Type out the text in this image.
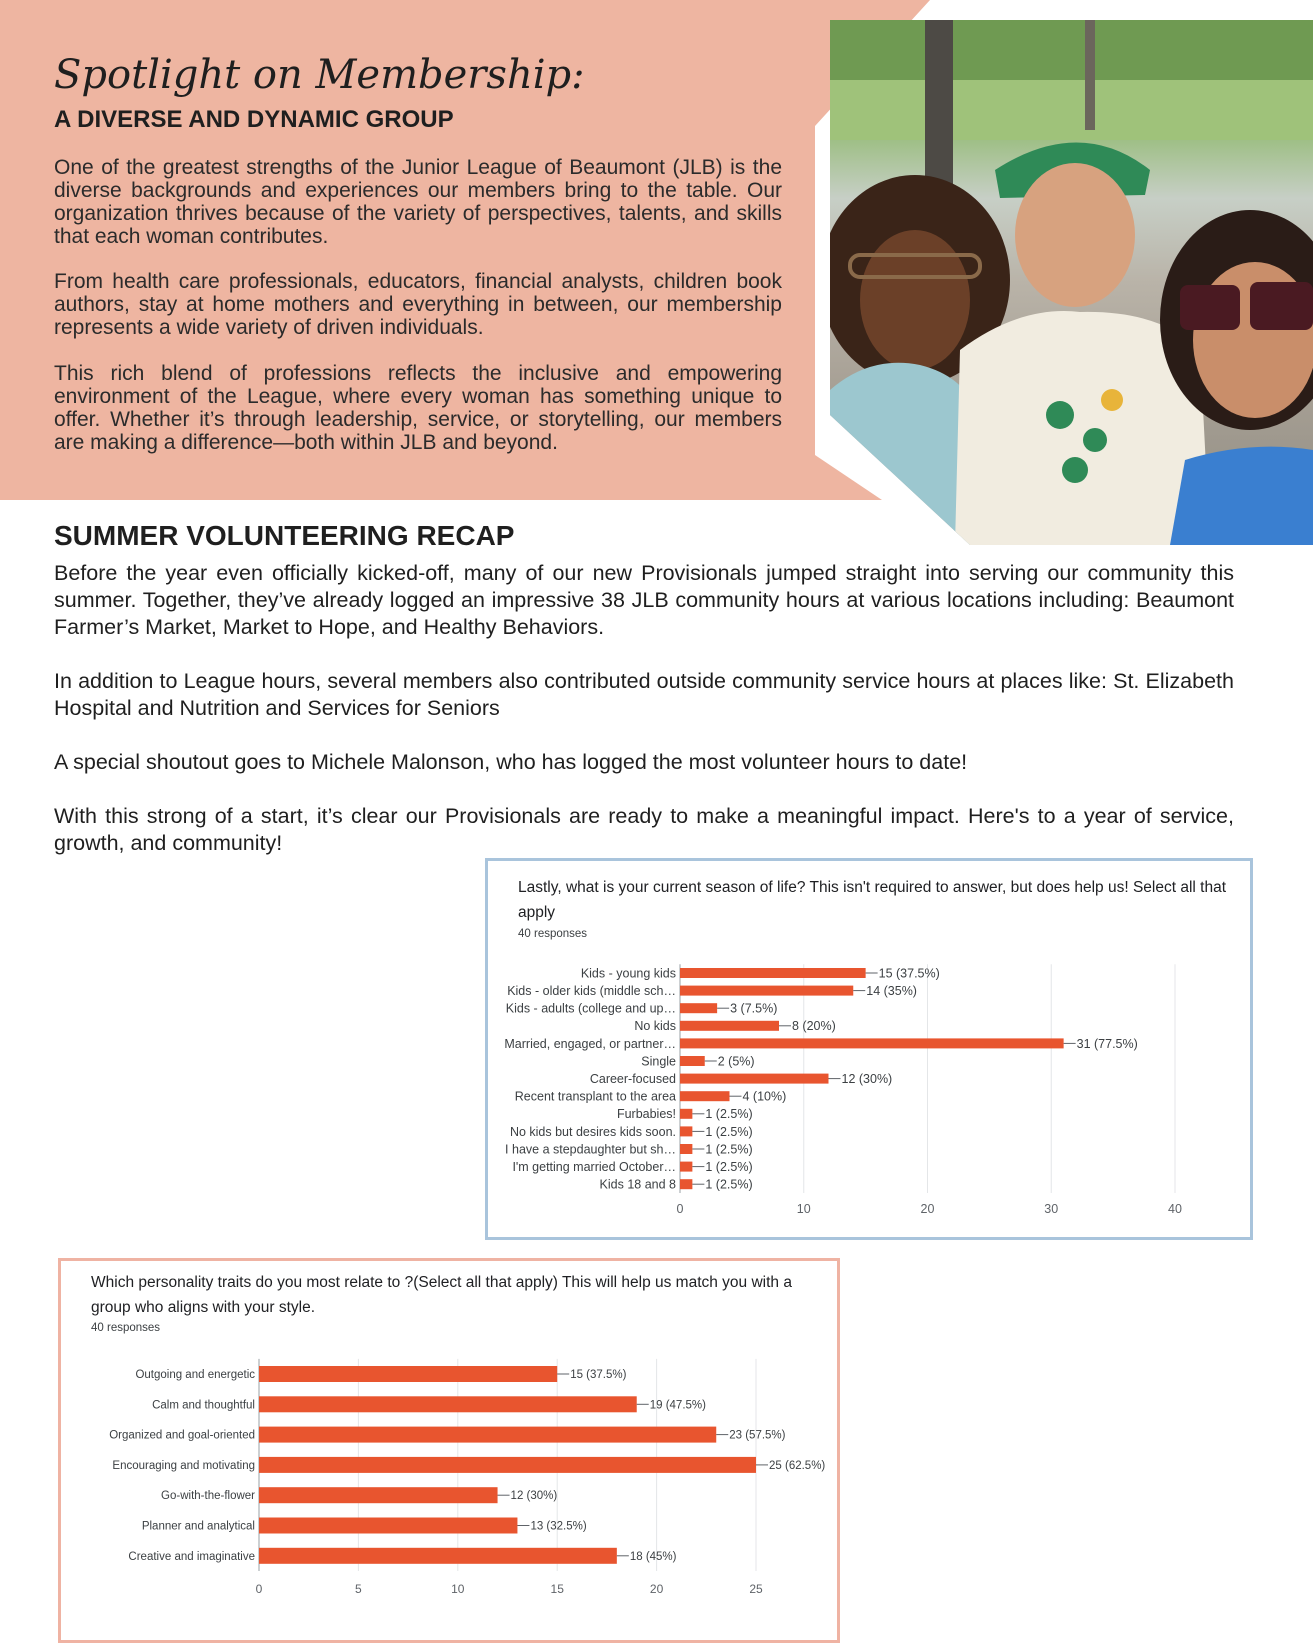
Spotlight on Membership:
A DIVERSE AND DYNAMIC GROUP

One of the greatest strengths of the Junior League of Beaumont (JLB) is the diverse backgrounds and experiences our members bring to the table. Our organization thrives because of the variety of perspectives, talents, and skills that each woman contributes.

From health care professionals, educators, financial analysts, children book authors, stay at home mothers and everything in between, our membership represents a wide variety of driven individuals.

This rich blend of professions reflects the inclusive and empowering environment of the League, where every woman has something unique to offer. Whether it’s through leadership, service, or storytelling, our members are making a difference—both within JLB and beyond.

SUMMER VOLUNTEERING RECAP

Before the year even officially kicked-off, many of our new Provisionals jumped straight into serving our community this summer. Together, they’ve already logged an impressive 38 JLB community hours at various locations including: Beaumont Farmer’s Market, Market to Hope, and Healthy Behaviors.

In addition to League hours, several members also contributed outside community service hours at places like: St. Elizabeth Hospital and Nutrition and Services for Seniors

A special shoutout goes to Michele Malonson, who has logged the most volunteer hours to date!

With this strong of a start, it’s clear our Provisionals are ready to make a meaningful impact. Here's to a year of service, growth, and community!

Lastly, what is your current season of life? This isn't required to answer, but does help us! Select all that apply
40 responses
0	10	20	30	40
Kids - young kids	15 (37.5%)
Kids - older kids (middle sch…	14 (35%)
Kids - adults (college and up…	3 (7.5%)
No kids	8 (20%)
Married, engaged, or partner…	31 (77.5%)
Single	2 (5%)
Career-focused	12 (30%)
Recent transplant to the area	4 (10%)
Furbabies! 1 (2.5%)
No kids but desires kids soon. 1 (2.5%)
I have a stepdaughter but sh… 1 (2.5%)
I'm getting married October… 1 (2.5%)
Kids 18 and 8 1 (2.5%)
Which personality traits do you most relate to ?(Select all that apply) This will help us match you with a group who aligns with your style.
40 responses
0	5	10	15	20	25
Outgoing and energetic	15 (37.5%)
Calm and thoughtful	19 (47.5%)
Organized and goal-oriented	23 (57.5%)
Encouraging and motivating	25 (62.5%)
Go-with-the-flower	12 (30%)
Planner and analytical	13 (32.5%)
Creative and imaginative	18 (45%)
